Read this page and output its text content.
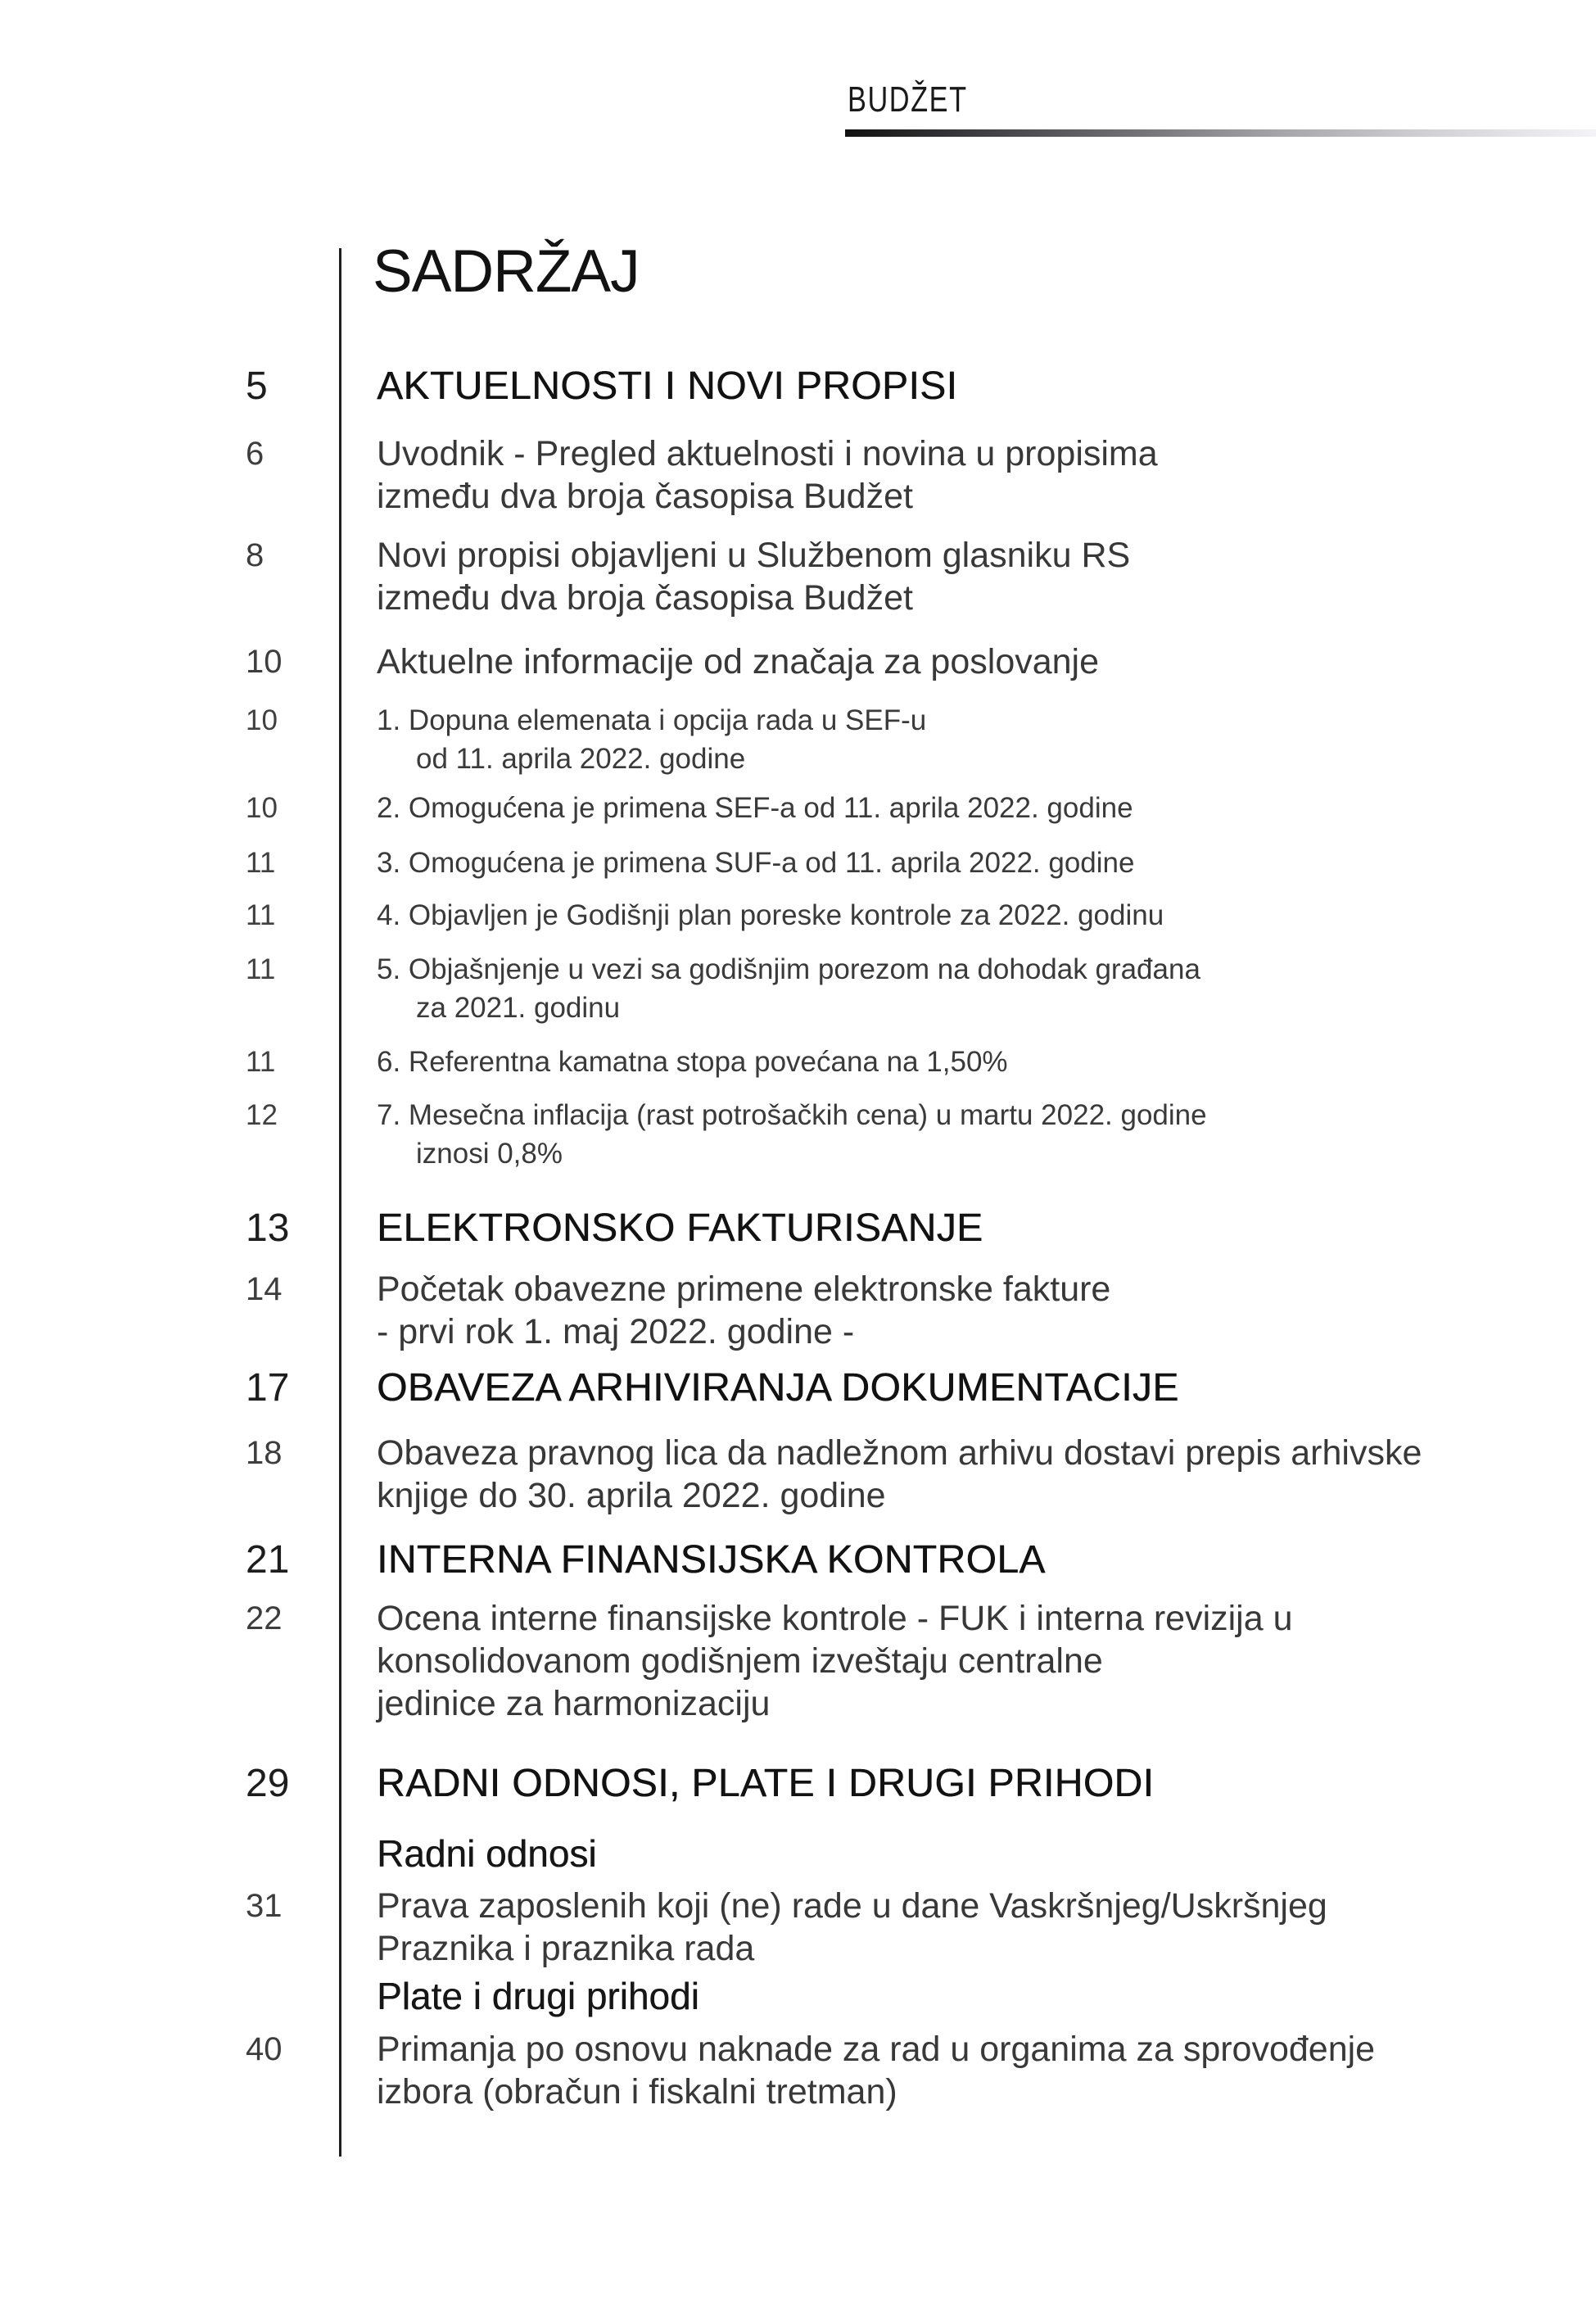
BUDŽET
SADRŽAJ
5	AKTUELNOSTI I NOVI PROPISI
6	Uvodnik - Pregled aktuelnosti i novina u propisima
između dva broja časopisa Budžet
8	Novi propisi objavljeni u Službenom glasniku RS
između dva broja časopisa Budžet
10	Aktuelne informacije od značaja za poslovanje
10	1. Dopuna elemenata i opcija rada u SEF-u
od 11. aprila 2022. godine
10	2. Omogućena je primena SEF-a od 11. aprila 2022. godine
11	3. Omogućena je primena SUF-a od 11. aprila 2022. godine
11	4. Objavljen je Godišnji plan poreske kontrole za 2022. godinu
11	5. Objašnjenje u vezi sa godišnjim porezom na dohodak građana
za 2021. godinu
11	6. Referentna kamatna stopa povećana na 1,50%
12	7. Mesečna inflacija (rast potrošačkih cena) u martu 2022. godine
iznosi 0,8%
13	ELEKTRONSKO FAKTURISANJE
14	Početak obavezne primene elektronske fakture
- prvi rok 1. maj 2022. godine -
17	OBAVEZA ARHIVIRANJA DOKUMENTACIJE
18	Obaveza pravnog lica da nadležnom arhivu dostavi prepis arhivske
knjige do 30. aprila 2022. godine
21	INTERNA FINANSIJSKA KONTROLA
22	Ocena interne finansijske kontrole - FUK i interna revizija u
konsolidovanom godišnjem izveštaju centralne
jedinice za harmonizaciju
29	RADNI ODNOSI, PLATE I DRUGI PRIHODI
Radni odnosi
31	Prava zaposlenih koji (ne) rade u dane Vaskršnjeg/Uskršnjeg
Praznika i praznika rada
Plate i drugi prihodi
40	Primanja po osnovu naknade za rad u organima za sprovođenje
izbora (obračun i fiskalni tretman)
